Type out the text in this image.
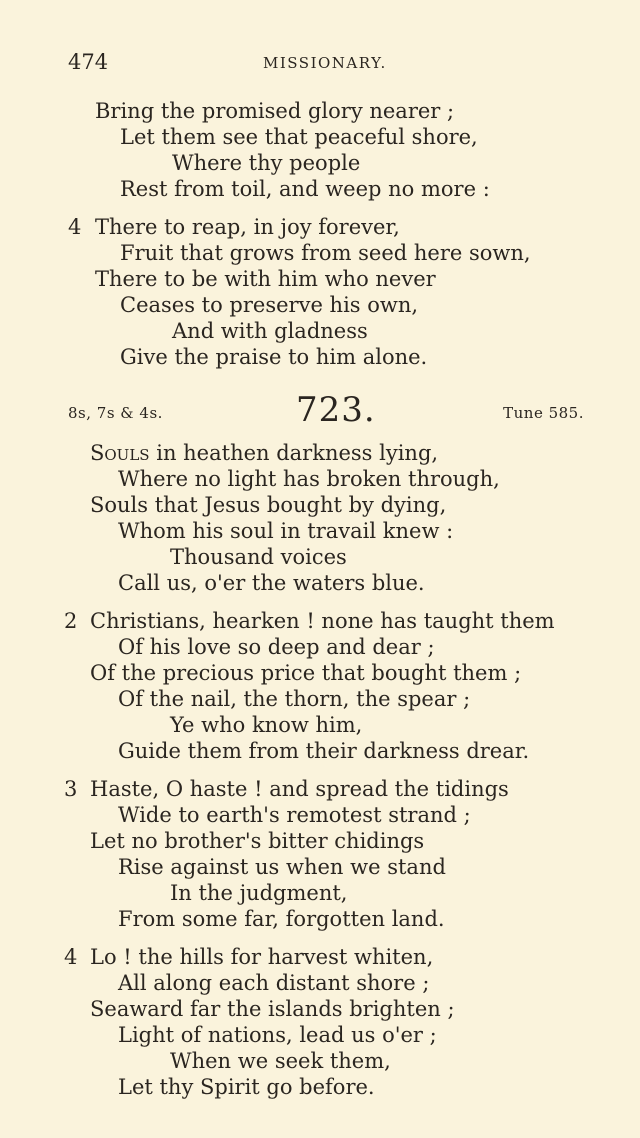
474	MISSIONARY.
Bring the promised glory nearer ;
Let them see that peaceful shore,
Where thy people
Rest from toil, and weep no more :
4 There to reap, in joy forever,
Fruit that grows from seed here sown,
There to be with him who never
Ceases to preserve his own,
And with gladness
Give the praise to him alone.
8s, 7s & 4s.	723.	Tune 585.
Souls in heathen darkness lying,
Where no light has broken through,
Souls that Jesus bought by dying,
Whom his soul in travail knew :
Thousand voices
Call us, o'er the waters blue.
2 Christians, hearken ! none has taught them
Of his love so deep and dear ;
Of the precious price that bought them ;
Of the nail, the thorn, the spear ;
Ye who know him,
Guide them from their darkness drear.
3 Haste, O haste ! and spread the tidings
Wide to earth's remotest strand ;
Let no brother's bitter chidings
Rise against us when we stand
In the judgment,
From some far, forgotten land.
4 Lo ! the hills for harvest whiten,
All along each distant shore ;
Seaward far the islands brighten ;
Light of nations, lead us o'er ;
When we seek them,
Let thy Spirit go before.
